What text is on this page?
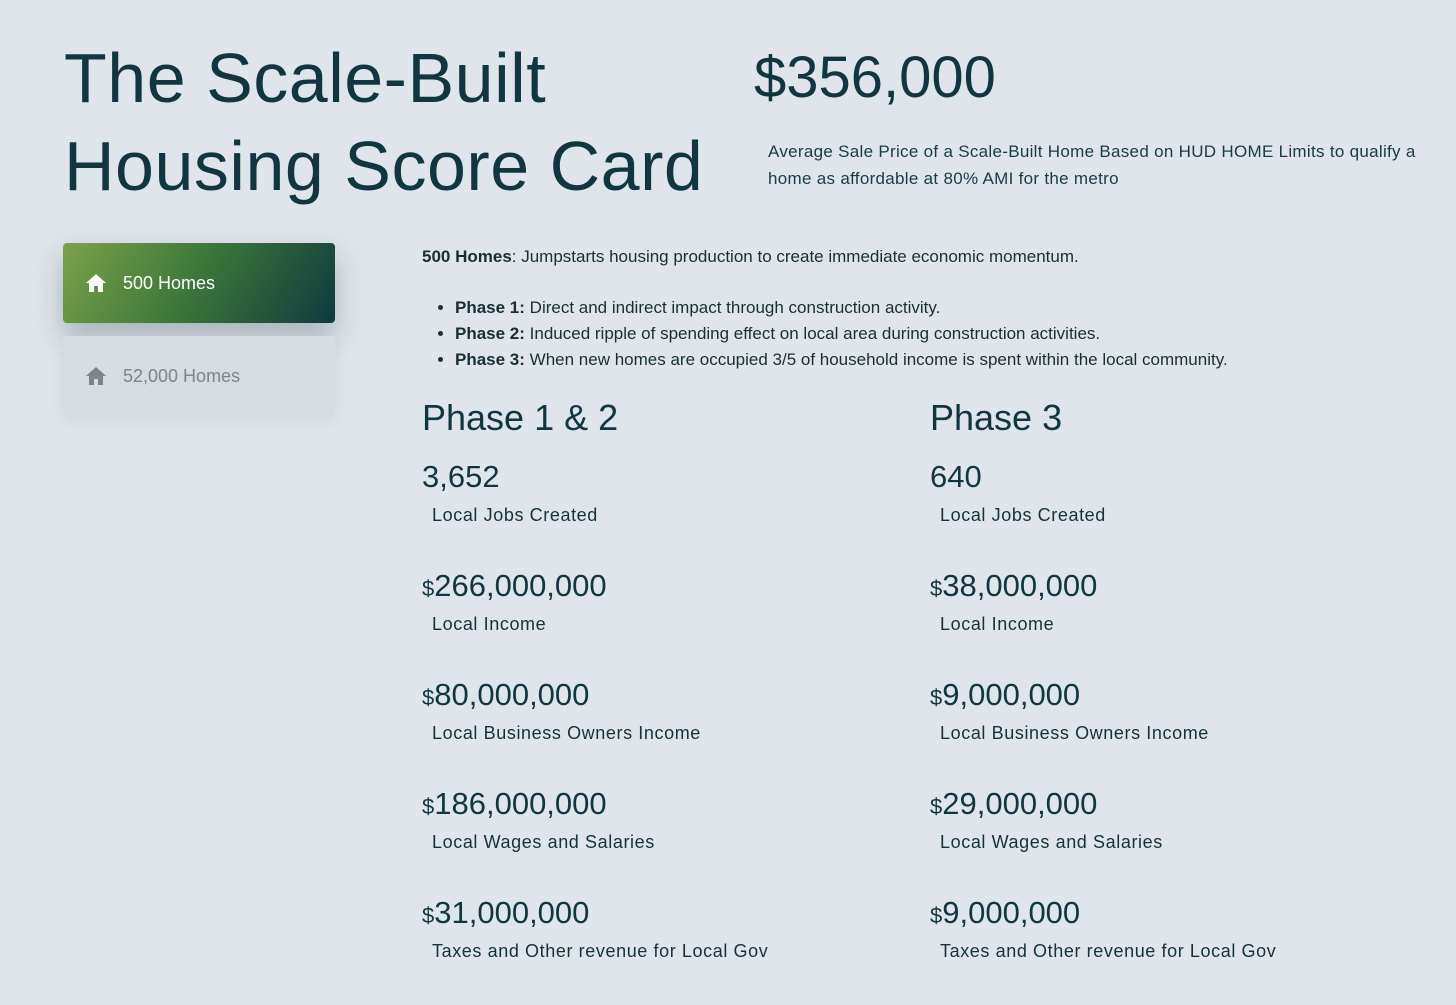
The Scale-Built
Housing Score Card
$356,000
Average Sale Price of a Scale-Built Home Based on HUD HOME Limits to qualify a home as affordable at 80% AMI for the metro
500 Homes
52,000 Homes

500 Homes: Jumpstarts housing production to create immediate economic momentum.

• Phase 1: Direct and indirect impact through construction activity.
• Phase 2: Induced ripple of spending effect on local area during construction activities.
• Phase 3: When new homes are occupied 3/5 of household income is spent within the local community.
Phase 1 & 2
3,652
Local Jobs Created
$266,000,000
Local Income
$80,000,000
Local Business Owners Income
$186,000,000
Local Wages and Salaries
$31,000,000
Taxes and Other revenue for Local Gov
Phase 3
640
Local Jobs Created
$38,000,000
Local Income
$9,000,000
Local Business Owners Income
$29,000,000
Local Wages and Salaries
$9,000,000
Taxes and Other revenue for Local Gov
